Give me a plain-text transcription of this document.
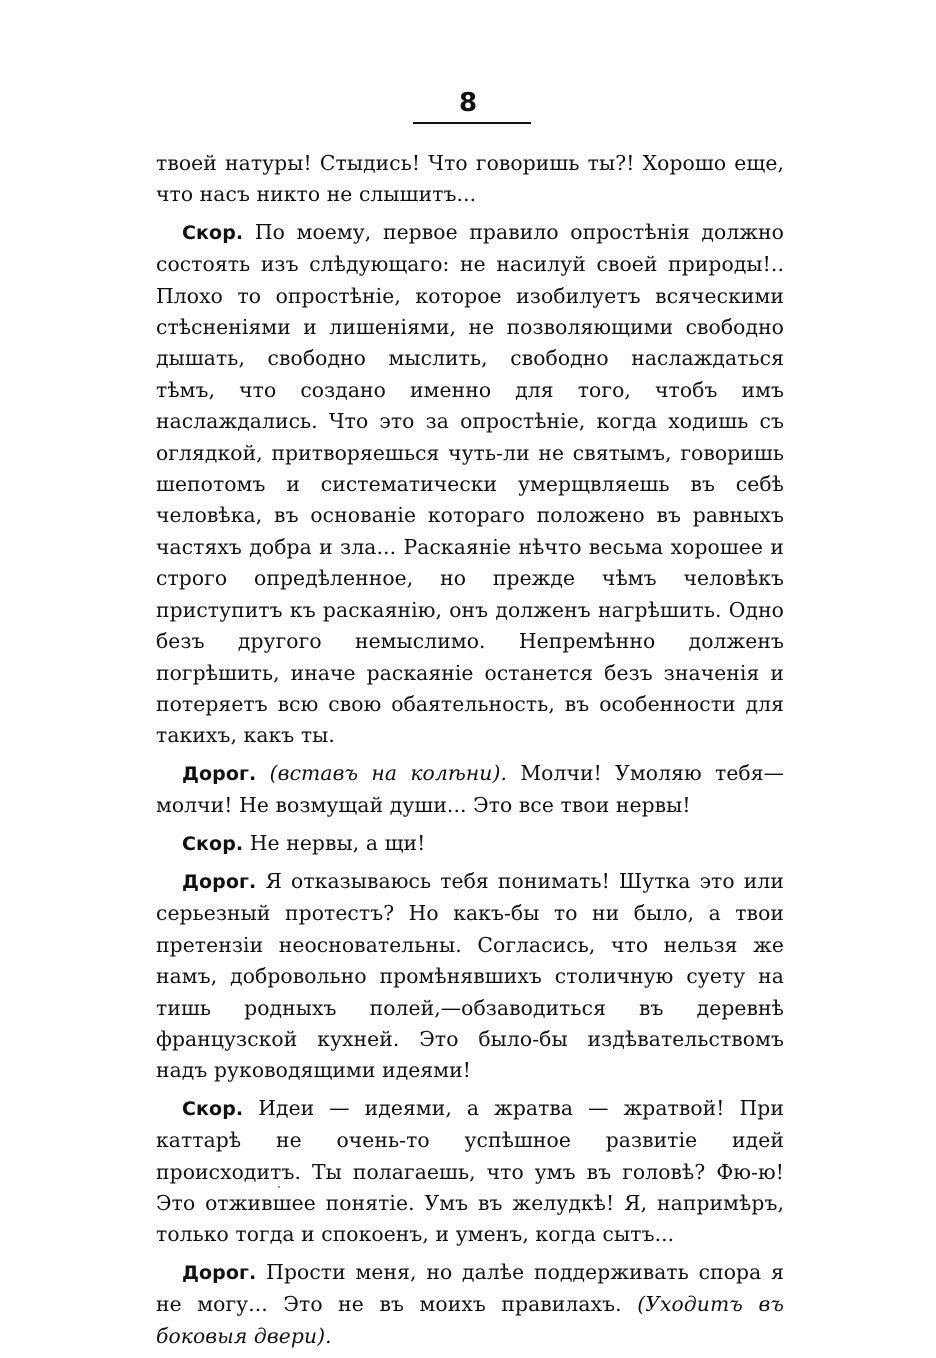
8

твоей натуры! Стыдись! Что говоришь ты?! Хорошо еще, что насъ никто не слышитъ...

Скор. По моему, первое правило опростѣнія должно состоять изъ слѣдующаго: не насилуй своей природы!.. Плохо то опростѣніе, которое изобилуетъ всяческими стѣсненіями и лишеніями, не позволяющими свободно дышать, свободно мыслить, свободно наслаждаться тѣмъ, что создано именно для того, чтобъ имъ наслаждались. Что это за опростѣніе, когда ходишь съ оглядкой, притворяешься чуть-ли не святымъ, говоришь шепотомъ и систематически умерщвляешь въ себѣ человѣка, въ основаніе котораго положено въ равныхъ частяхъ добра и зла... Раскаяніе нѣчто весьма хорошее и строго опредѣленное, но прежде чѣмъ человѣкъ приступитъ къ раскаянію, онъ долженъ нагрѣшить. Одно безъ другого немыслимо. Непремѣнно долженъ погрѣшить, иначе раскаяніе останется безъ значенія и потеряетъ всю свою обаятельность, въ особенности для такихъ, какъ ты.

Дорог. (вставъ на колѣни). Молчи! Умоляю тебя—молчи! Не возмущай души... Это все твои нервы!

Скор. Не нервы, а щи!

Дорог. Я отказываюсь тебя понимать! Шутка это или серьезный протестъ? Но какъ-бы то ни было, а твои претензіи неосновательны. Согласись, что нельзя же намъ, добровольно промѣнявшихъ столичную суету на тишь родныхъ полей,—обзаводиться въ деревнѣ французской кухней. Это было-бы издѣвательствомъ надъ руководящими идеями!

Скор. Идеи — идеями, а жратва — жратвой! При каттарѣ не очень-то успѣшное развитіе идей происходитъ. Ты полагаешь, что умъ въ головѣ? Фю-ю! Это отжившее понятіе. Умъ въ желудкѣ! Я, напримѣръ, только тогда и спокоенъ, и уменъ, когда сытъ...

Дорог. Прости меня, но далѣе поддерживать спора я не могу... Это не въ моихъ правилахъ. (Уходитъ въ боковыя двери).
